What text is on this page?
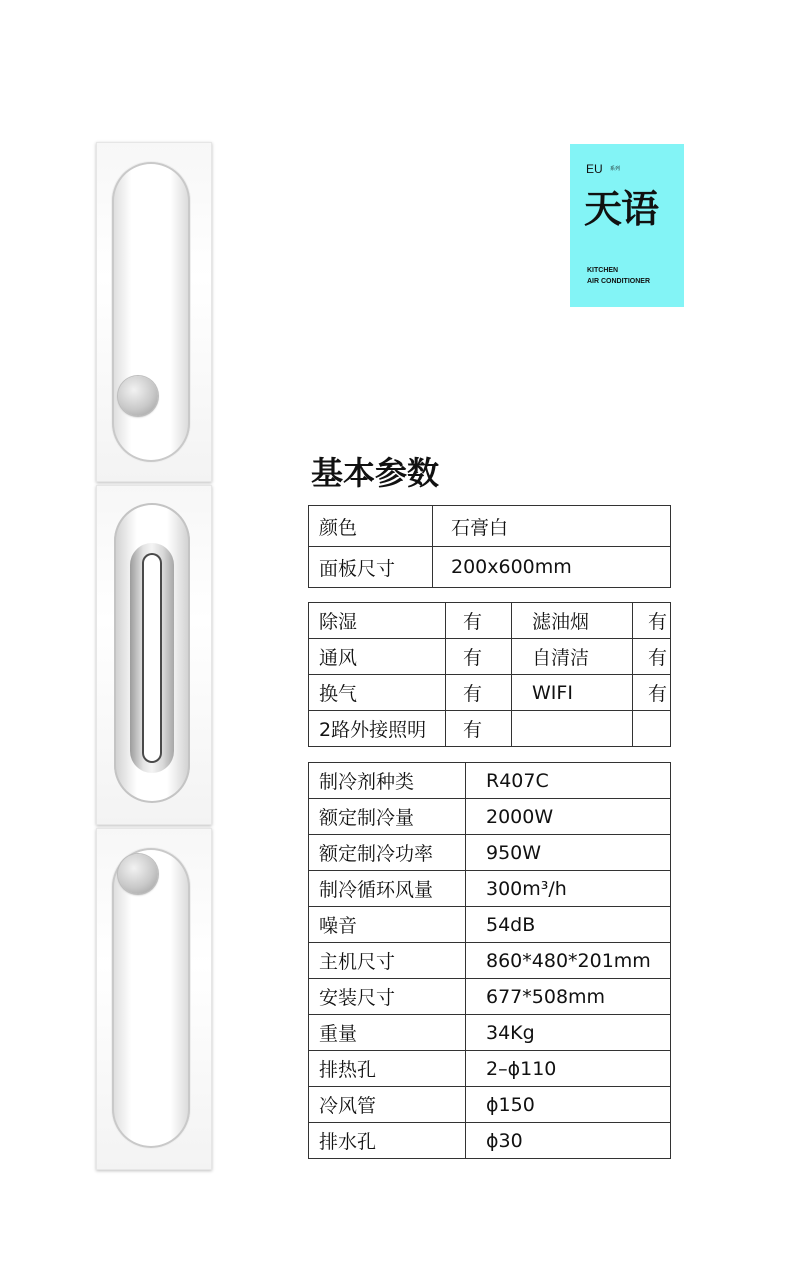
EU 系列
天语
KITCHEN
AIR CONDITIONER
基本参数
颜色	石膏白
面板尺寸	200x600mm
除湿	有	滤油烟	有
通风	有	自清洁	有
换气	有	WIFI	有
2路外接照明	有		
制冷剂种类	R407C
额定制冷量	2000W
额定制冷功率	950W
制冷循环风量	300m³/h
噪音	54dB
主机尺寸	860*480*201mm
安装尺寸	677*508mm
重量	34Kg
排热孔	2–ϕ110
冷风管	ϕ150
排水孔	ϕ30
